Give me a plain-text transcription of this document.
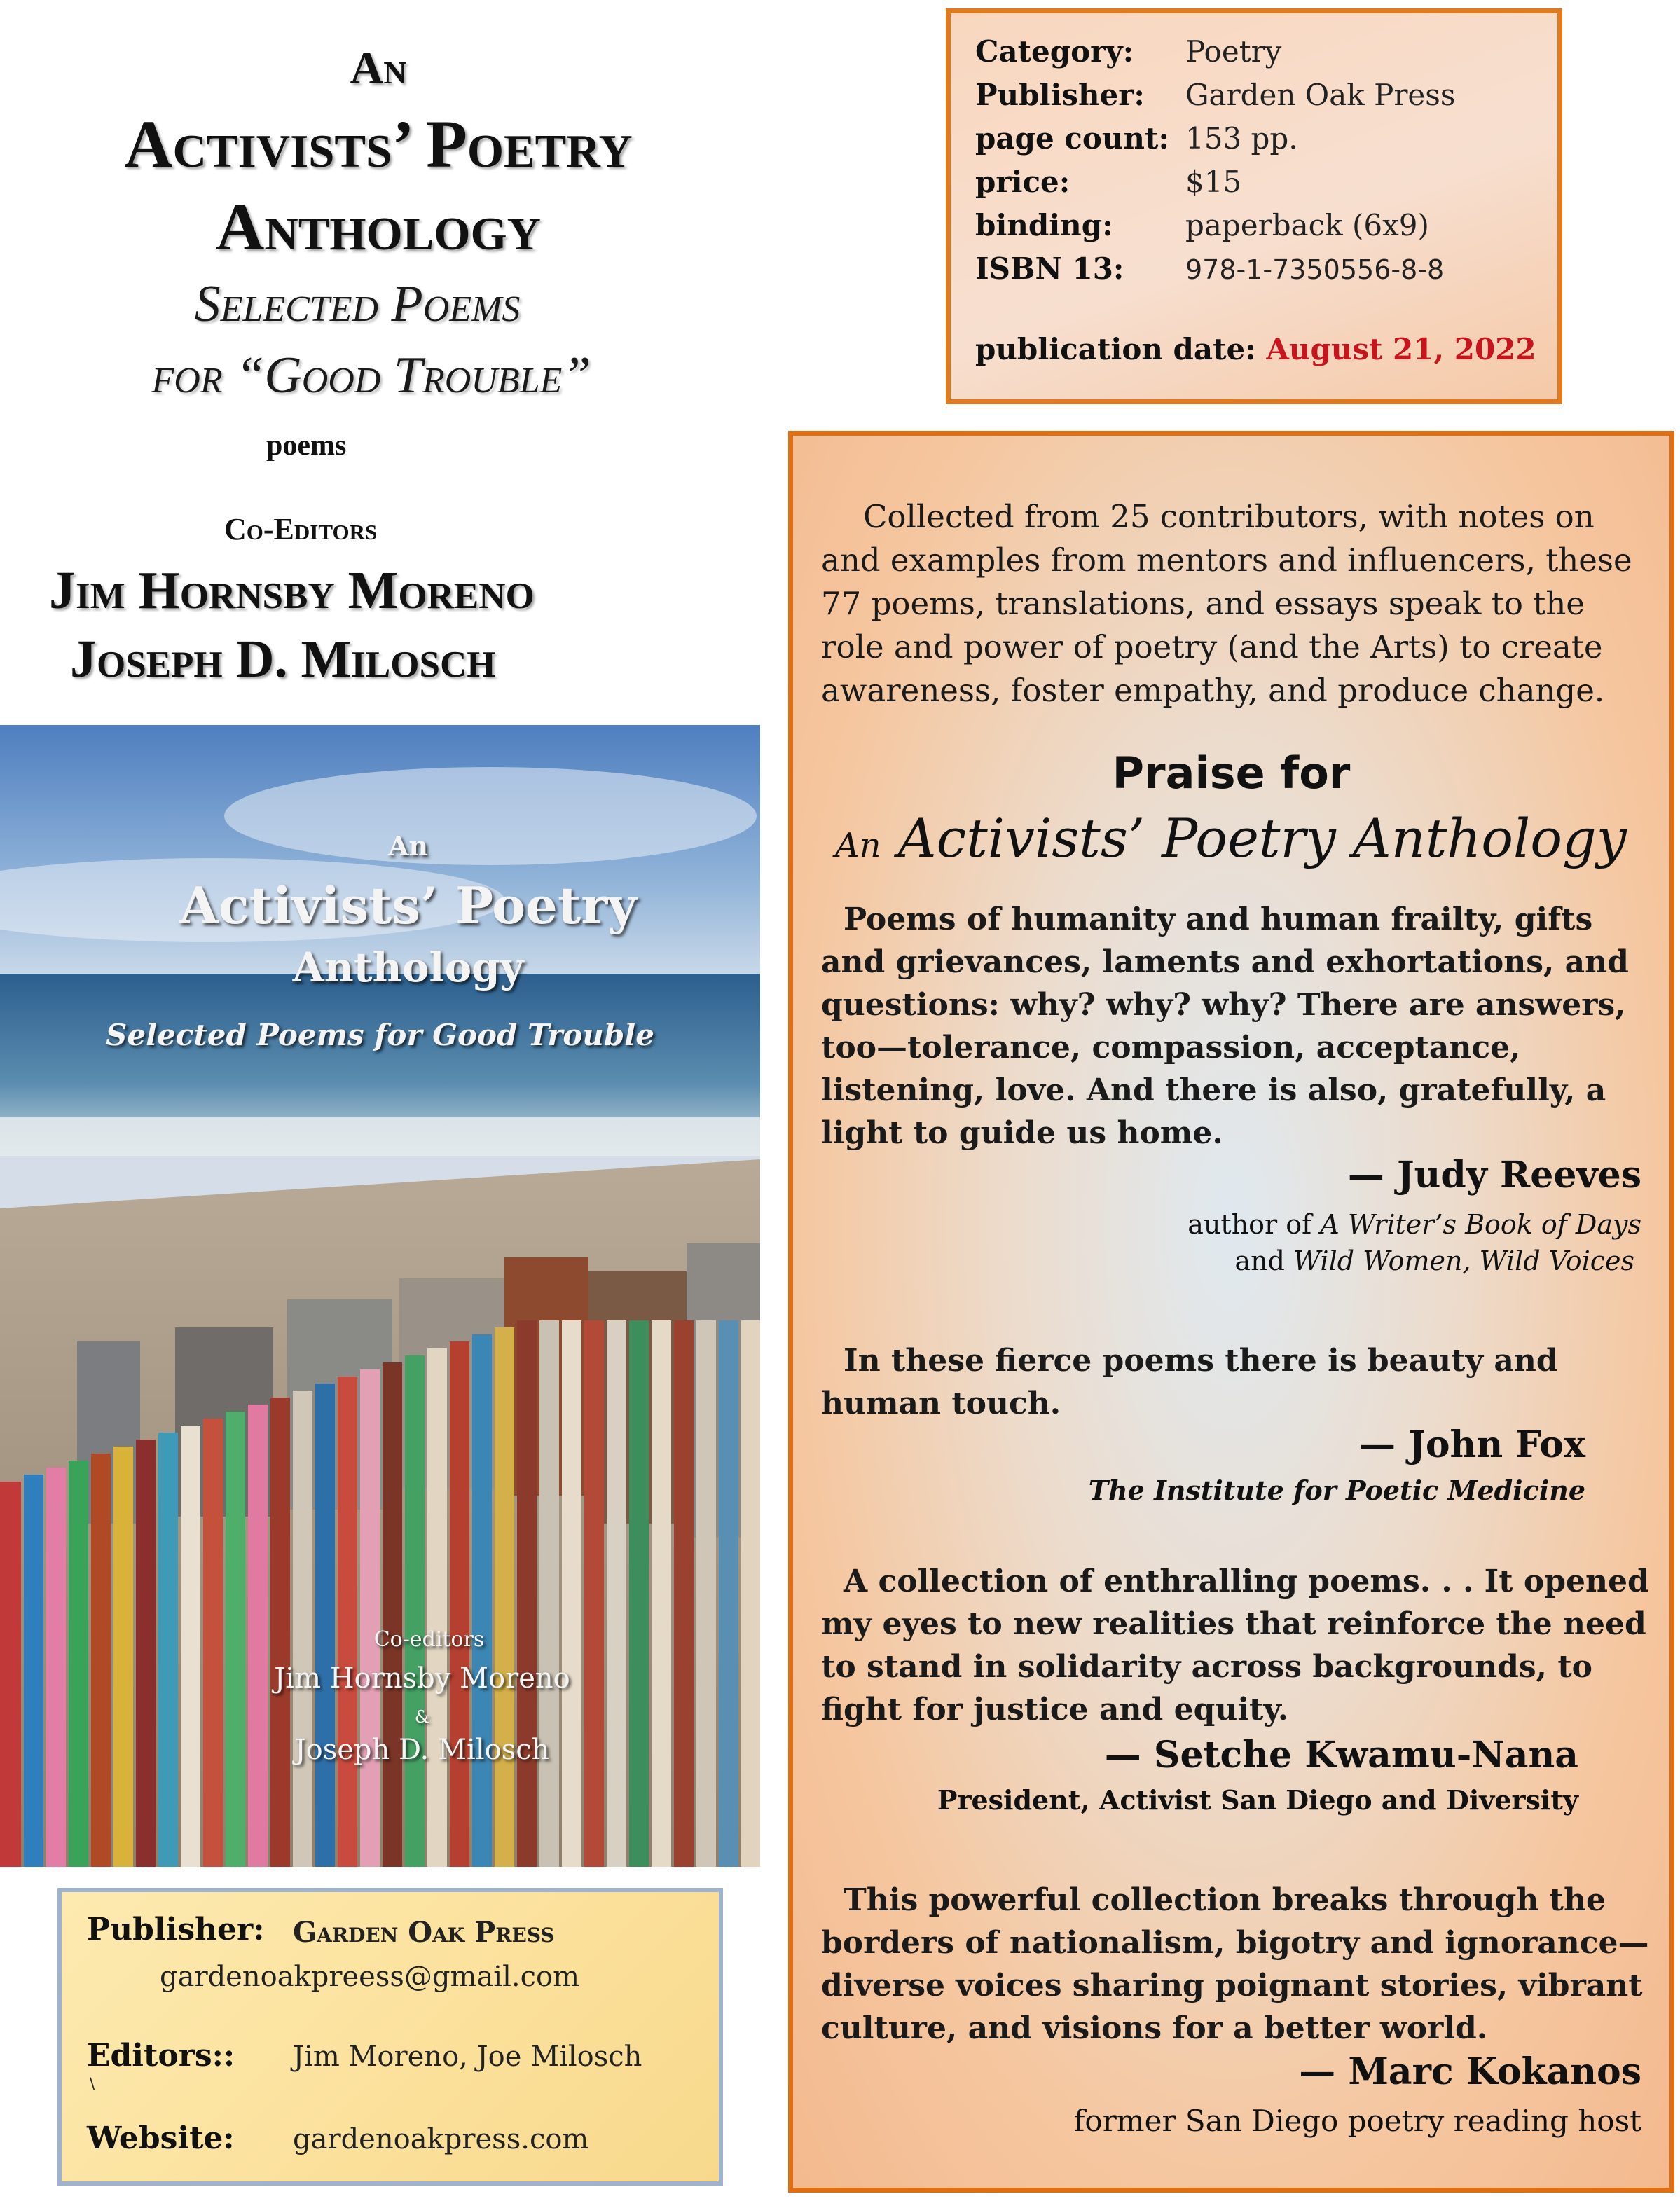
An
Activists’ Poetry
Anthology
Selected Poems
for “Good Trouble”
poems
Co-Editors
Jim Hornsby Moreno
Joseph D. Milosch
An
Activists’ Poetry
Anthology
Selected Poems for Good Trouble
Co-editors
Jim Hornsby Moreno
&
Joseph D. Milosch
Publisher: Garden Oak Press
gardenoakpreess@gmail.com
Editors:: Jim Moreno, Joe Milosch
\
Website: gardenoakpress.com
Category: Poetry
Publisher: Garden Oak Press
page count: 153 pp.
price:	$15
binding: paperback (6x9)
ISBN 13: 978-1-7350556-8-8
publication date: August 21, 2022
Collected from 25 contributors, with notes on and examples from mentors and influencers, these 77 poems, translations, and essays speak to the role and power of poetry (and the Arts) to create awareness, foster empathy, and produce change.
Praise for
An Activists’ Poetry Anthology
Poems of humanity and human frailty, gifts and grievances, laments and exhortations, and questions: why? why? why? There are answers, too—tolerance, compassion, acceptance, listening, love. And there is also, gratefully, a light to guide us home.
— Judy Reeves
author of A Writer’s Book of Days
and Wild Women, Wild Voices
In these fierce poems there is beauty and human touch.
— John Fox
The Institute for Poetic Medicine
A collection of enthralling poems. . . It opened my eyes to new realities that reinforce the need to stand in solidarity across backgrounds, to fight for justice and equity.
— Setche Kwamu-Nana
President, Activist San Diego and Diversity
This powerful collection breaks through the borders of nationalism, bigotry and ignorance—diverse voices sharing poignant stories, vibrant culture, and visions for a better world.
— Marc Kokanos
former San Diego poetry reading host
